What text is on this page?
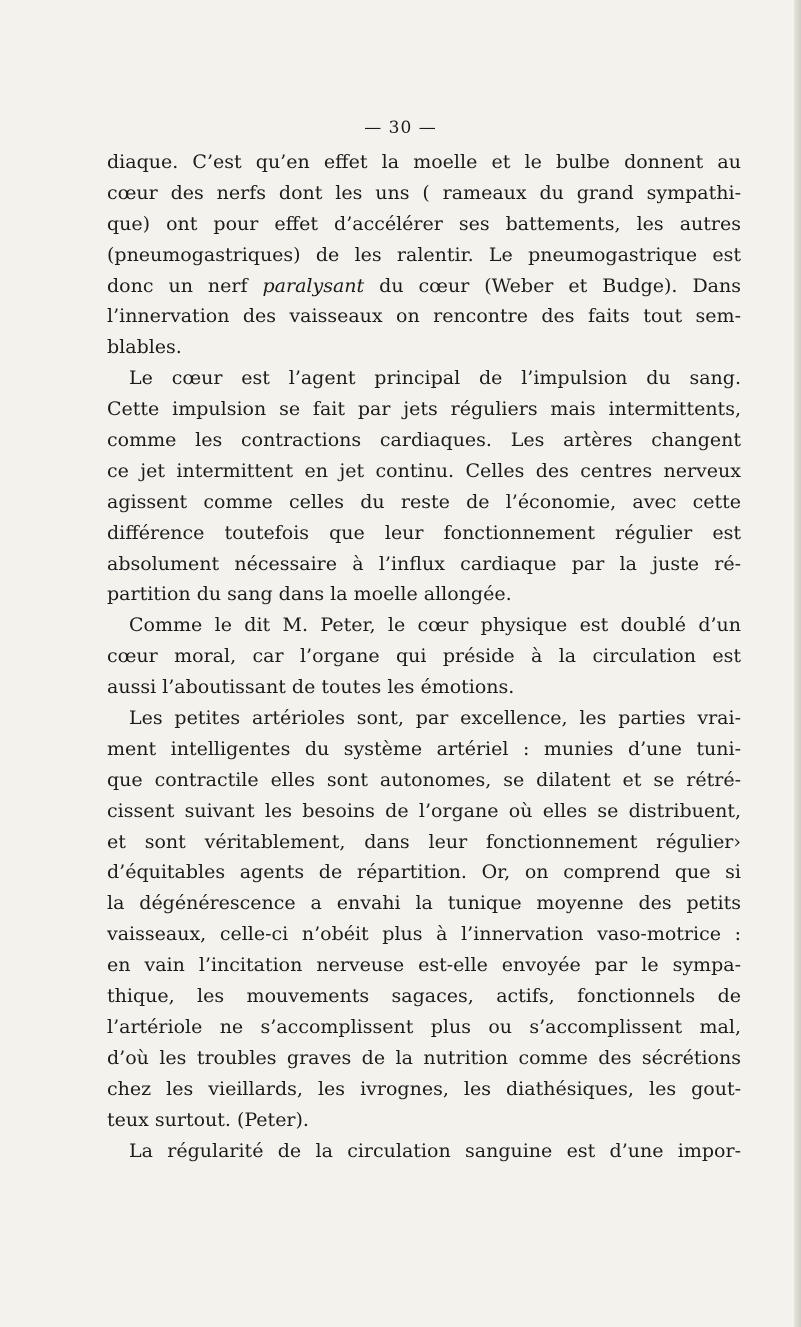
— 30 —
diaque. C’est qu’en effet la moelle et le bulbe donnent au
cœur des nerfs dont les uns ( rameaux du grand sympathi-
que) ont pour effet d’accélérer ses battements, les autres
(pneumogastriques) de les ralentir. Le pneumogastrique est
donc un nerf paralysant du cœur (Weber et Budge). Dans
l’innervation des vaisseaux on rencontre des faits tout sem-
blables.
Le cœur est l’agent principal de l’impulsion du sang.
Cette impulsion se fait par jets réguliers mais intermittents,
comme les contractions cardiaques. Les artères changent
ce jet intermittent en jet continu. Celles des centres nerveux
agissent comme celles du reste de l’économie, avec cette
différence toutefois que leur fonctionnement régulier est
absolument nécessaire à l’influx cardiaque par la juste ré-
partition du sang dans la moelle allongée.
Comme le dit M. Peter, le cœur physique est doublé d’un
cœur moral, car l’organe qui préside à la circulation est
aussi l’aboutissant de toutes les émotions.
Les petites artérioles sont, par excellence, les parties vrai-
ment intelligentes du système artériel : munies d’une tuni-
que contractile elles sont autonomes, se dilatent et se rétré-
cissent suivant les besoins de l’organe où elles se distribuent,
et sont véritablement, dans leur fonctionnement régulier›
d’équitables agents de répartition. Or, on comprend que si
la dégénérescence a envahi la tunique moyenne des petits
vaisseaux, celle-ci n’obéit plus à l’innervation vaso-motrice :
en vain l’incitation nerveuse est-elle envoyée par le sympa-
thique, les mouvements sagaces, actifs, fonctionnels de
l’artériole ne s’accomplissent plus ou s’accomplissent mal,
d’où les troubles graves de la nutrition comme des sécrétions
chez les vieillards, les ivrognes, les diathésiques, les gout-
teux surtout. (Peter).
La régularité de la circulation sanguine est d’une impor-
